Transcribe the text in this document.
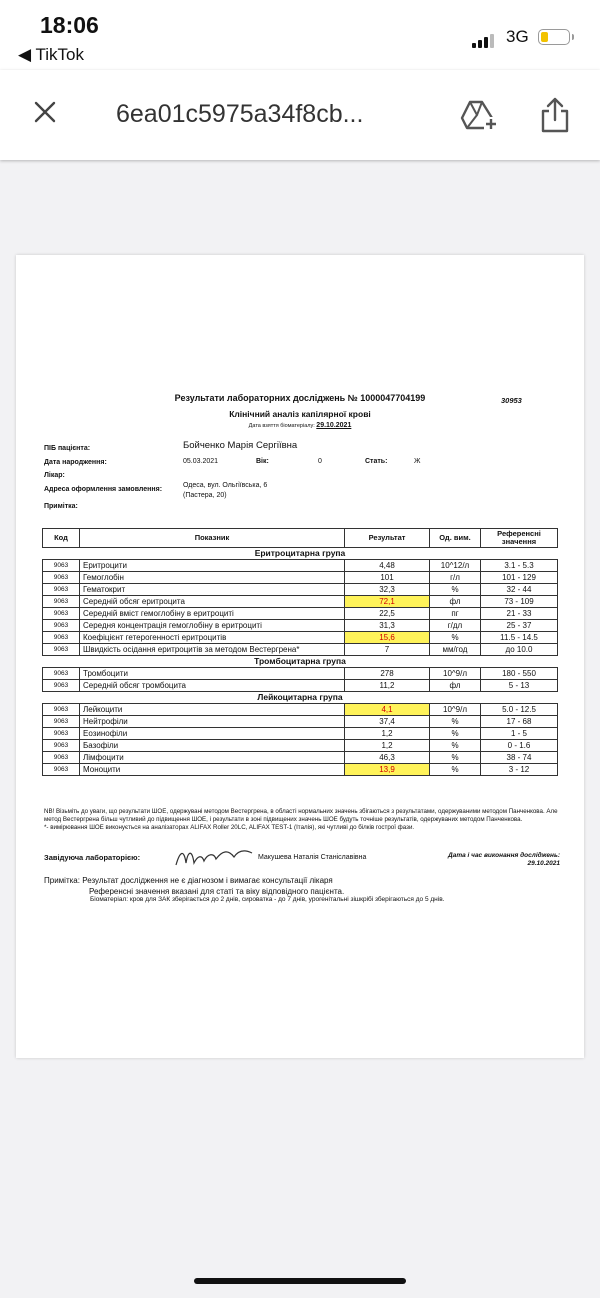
18:06
◀ TikTok
3G
6ea01c5975a34f8cb...
Результати лабораторних досліджень № 1000047704199	30953
Клінічний аналіз капілярної крові
Дата взяття біоматеріалу: 29.10.2021
ПІБ пацієнта:	Бойченко Марія Сергіївна
Дата народження:	05.03.2021	Вік:	0	Стать:	Ж
Лікар:
Адреса оформлення замовлення:
Одеса, вул. Ольгіївська, 6
(Пастера, 20)
Примітка:
Код	Показник	Результат	Од. вим.	Референсні значення
Еритроцитарна група				
9063	Еритроцити	4,48	10^12/л	3.1 - 5.3
9063	Гемоглобін	101	г/л	101 - 129
9063	Гематокрит	32,3	%	32 - 44
9063	Середній обсяг еритроцита	72,1	фл	73 - 109
9063	Середній вміст гемоглобіну в еритроциті	22,5	пг	21 - 33
9063	Середня концентрація гемоглобіну в еритроциті	31,3	г/дл	25 - 37
9063	Коефіцієнт гетерогенності еритроцитів	15,6	%	11.5 - 14.5
9063	Швидкість осідання еритроцитів за методом Вестергрена*	7	мм/год	до 10.0
Тромбоцитарна група				
9063	Тромбоцити	278	10^9/л	180 - 550
9063	Середній обсяг тромбоцита	11,2	фл	5 - 13
Лейкоцитарна група				
9063	Лейкоцити	4,1	10^9/л	5.0 - 12.5
9063	Нейтрофіли	37,4	%	17 - 68
9063	Еозинофіли	1,2	%	1 - 5
9063	Базофіли	1,2	%	0 - 1.6
9063	Лімфоцити	46,3	%	38 - 74
9063	Моноцити	13,9	%	3 - 12
NB! Візьміть до уваги, що результати ШОЕ, одержувані методом Вестергрена, в області нормальних значень збігаються з результатами, одержуваними методом Панченкова. Але метод Вестергрена більш чутливий до підвищення ШОЕ, і результати в зоні підвищених значень ШОЕ будуть точніше результатів, одержуваних методом Панченкова.
*- вимірювання ШОЕ виконується на аналізаторах ALIFAX Roller 20LC, ALIFAX TEST-1 (Італія), які чутливі до білків гострої фази.
Завідуюча лабораторією:	Макушева Наталія Станіславівна	Дата і час виконання досліджень:
29.10.2021
Примітка: Результат дослідження не є діагнозом і вимагає консультації лікаря
Референсні значення вказані для статі та віку відповідного пацієнта.
Біоматеріал: кров для ЗАК зберігається до 2 днів, сироватка - до 7 днів, урогенітальні зішкрібі зберігаються до 5 днів.
